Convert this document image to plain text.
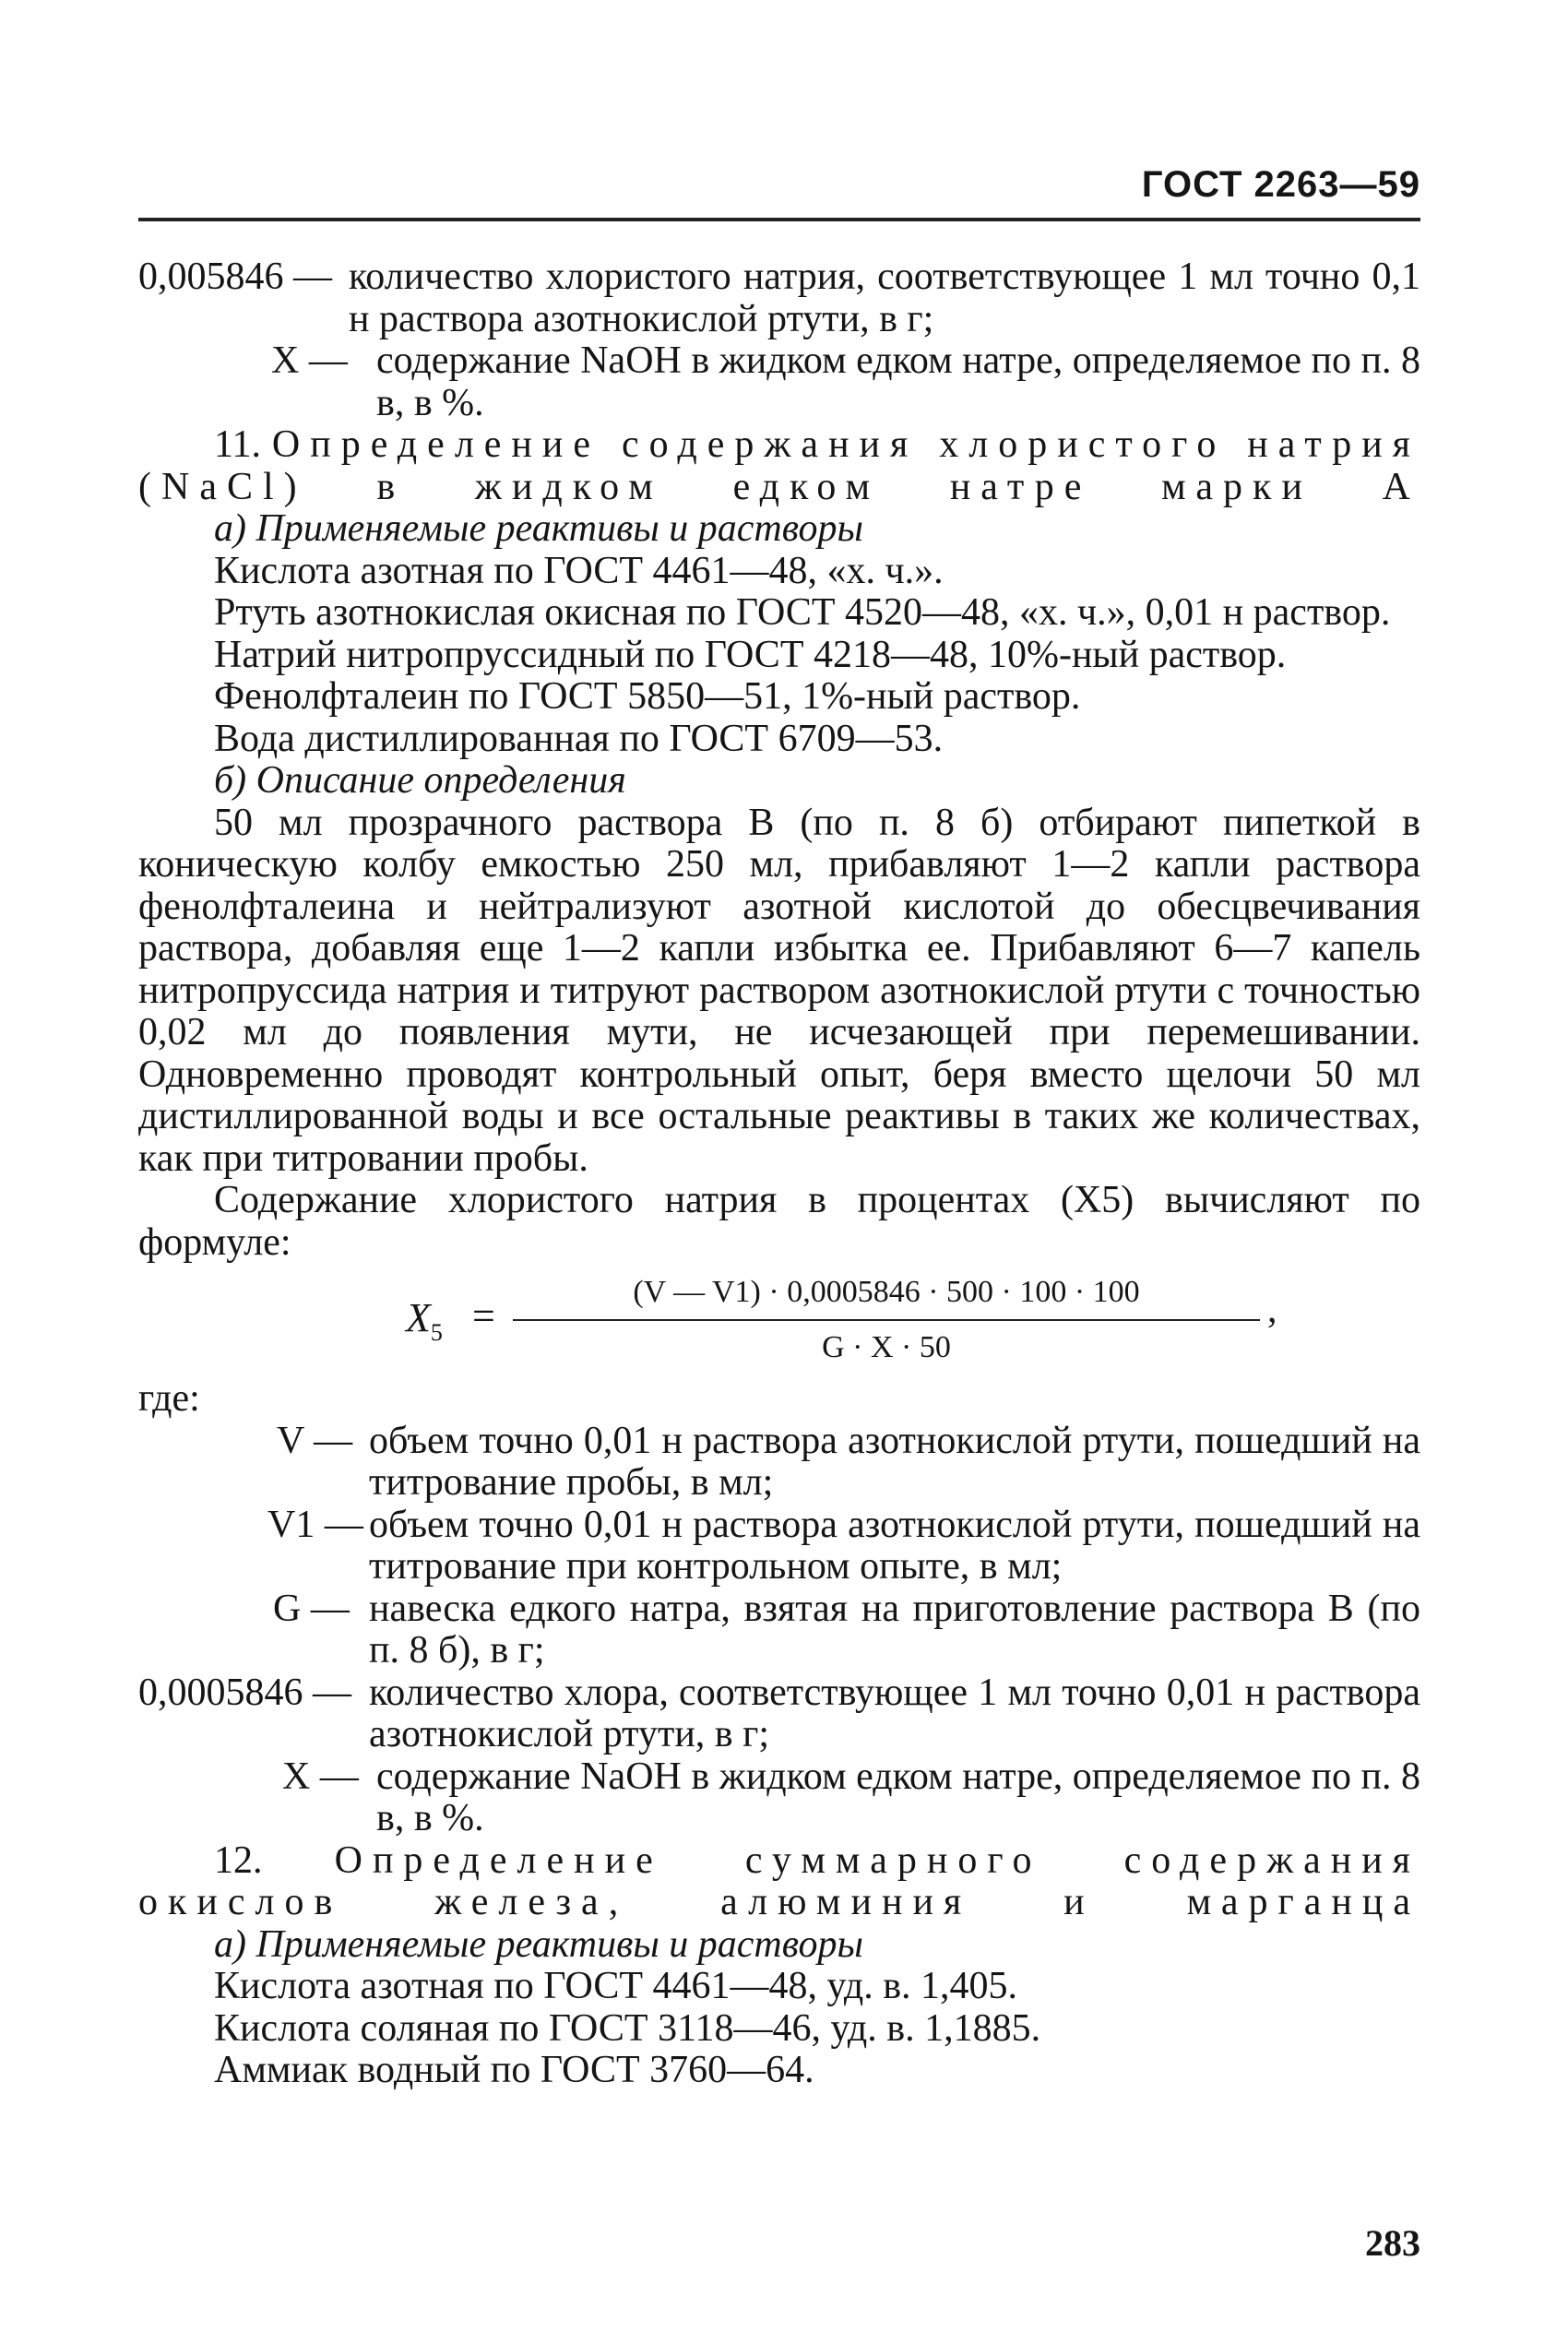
ГОСТ 2263—59
0,005846 — количество хлористого натрия, соответствующее 1 мл точно 0,1 н раствора азотнокислой ртути, в г;
X — содержание NaOH в жидком едком натре, определяемое по п. 8 в, в %.

11. Определение содержания хлористого натрия (NaCl) в жидком едком натре марки А

а) Применяемые реактивы и растворы

Кислота азотная по ГОСТ 4461—48, «х. ч.».

Ртуть азотнокислая окисная по ГОСТ 4520—48, «х. ч.», 0,01 н раствор.

Натрий нитропруссидный по ГОСТ 4218—48, 10%-ный раствор.

Фенолфталеин по ГОСТ 5850—51, 1%-ный раствор.

Вода дистиллированная по ГОСТ 6709—53.

б) Описание определения

50 мл прозрачного раствора В (по п. 8 б) отбирают пипеткой в коническую колбу емкостью 250 мл, прибавляют 1—2 капли раствора фенолфталеина и нейтрализуют азотной кислотой до обесцвечивания раствора, добавляя еще 1—2 капли избытка ее. Прибавляют 6—7 капель нитропруссида натрия и титруют раствором азотнокислой ртути с точностью 0,02 мл до появления мути, не исчезающей при перемешивании. Одновременно проводят контрольный опыт, беря вместо щелочи 50 мл дистиллированной воды и все остальные реактивы в таких же количествах, как при титровании пробы.

Содержание хлористого натрия в процентах (X5) вычисляют по формуле:

$X_5 = \frac{(V — V1) \cdot 0,0005846 \cdot 500 \cdot 100 \cdot 100}{G \cdot X \cdot 50}$ ,

где:

V — объем точно 0,01 н раствора азотнокислой ртути, пошедший на титрование пробы, в мл;
V1 — объем точно 0,01 н раствора азотнокислой ртути, пошедший на титрование при контрольном опыте, в мл;
G — навеска едкого натра, взятая на приготовление раствора В (по п. 8 б), в г;
0,0005846 — количество хлора, соответствующее 1 мл точно 0,01 н раствора азотнокислой ртути, в г;
X — содержание NaOH в жидком едком натре, определяемое по п. 8 в, в %.

12. Определение суммарного содержания окислов железа, алюминия и марганца

а) Применяемые реактивы и растворы

Кислота азотная по ГОСТ 4461—48, уд. в. 1,405.

Кислота соляная по ГОСТ 3118—46, уд. в. 1,1885.

Аммиак водный по ГОСТ 3760—64.

283
